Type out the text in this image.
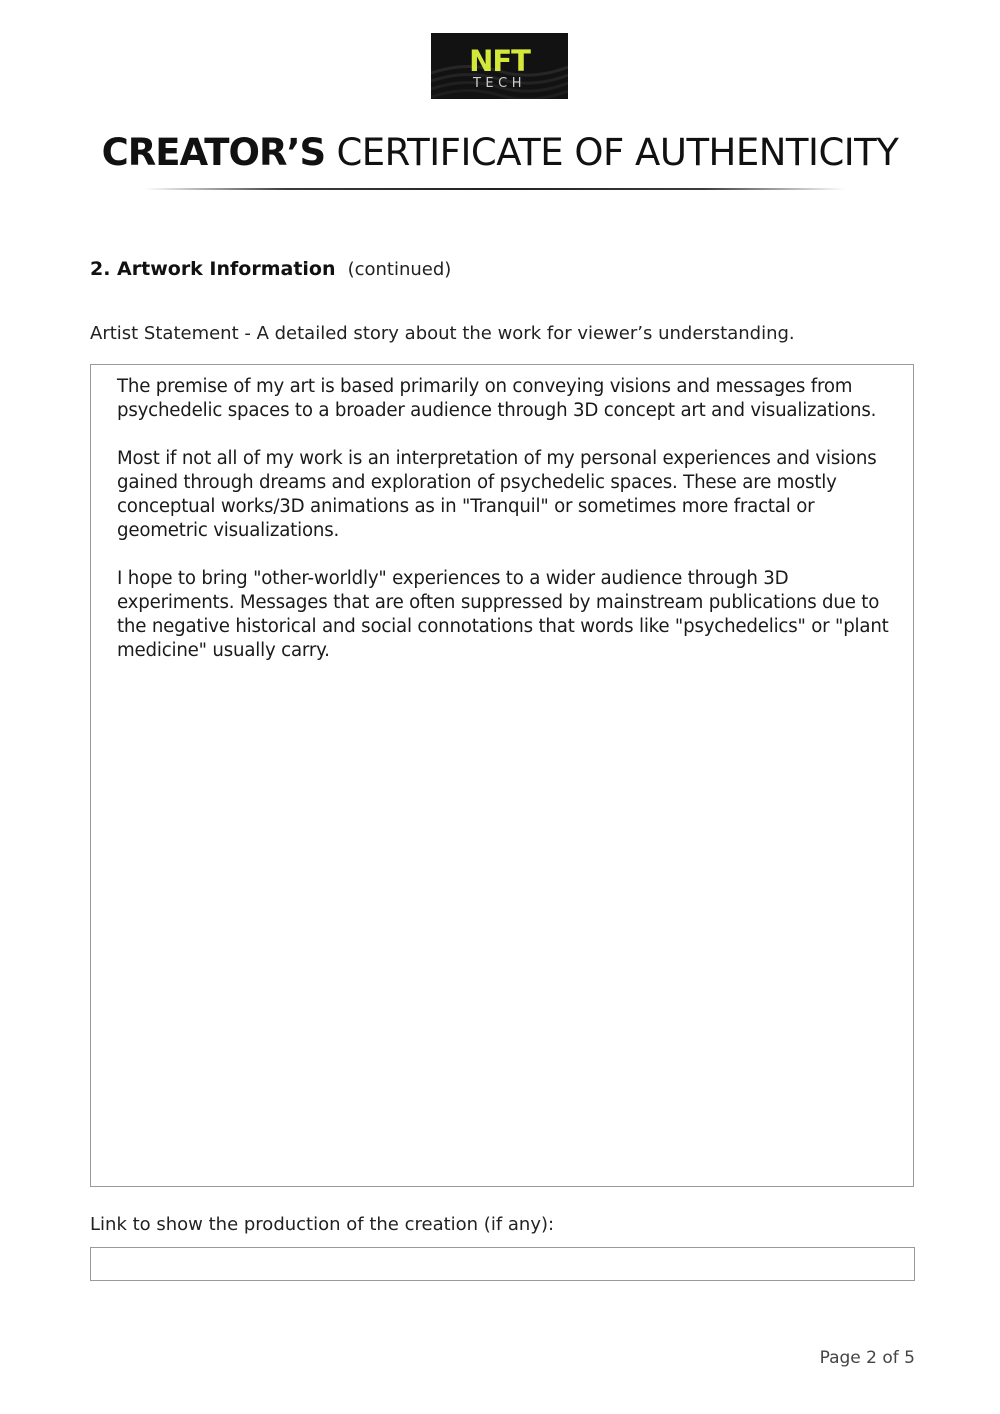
NFT
TECH
CREATOR’S CERTIFICATE OF AUTHENTICITY
2. Artwork Information (continued)
Artist Statement - A detailed story about the work for viewer’s understanding.

The premise of my art is based primarily on conveying visions and messages from psychedelic spaces to a broader audience through 3D concept art and visualizations.

Most if not all of my work is an interpretation of my personal experiences and visions gained through dreams and exploration of psychedelic spaces. These are mostly conceptual works/3D animations as in "Tranquil" or sometimes more fractal or geometric visualizations.

I hope to bring "other-worldly" experiences to a wider audience through 3D experiments. Messages that are often suppressed by mainstream publications due to the negative historical and social connotations that words like "psychedelics" or "plant medicine" usually carry.

Link to show the production of the creation (if any):
Page 2 of 5
